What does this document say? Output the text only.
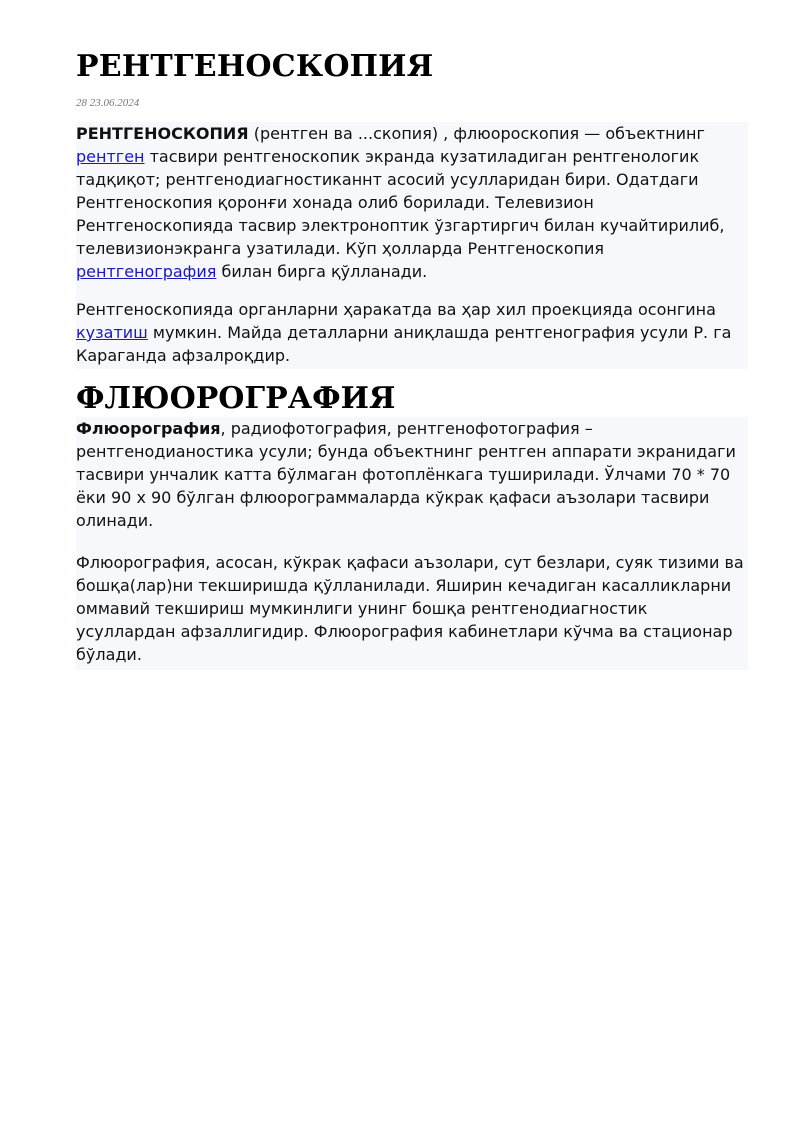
РЕНТГЕНОСКОПИЯ
28 23.06.2024

РЕНТГЕНОСКОПИЯ (рентген ва ...скопия) , флюороскопия — объектнинг рентген тасвири рентгеноскопик экранда кузатиладиган рентгенологик тадқиқот; рентгенодиагностиканнт асосий усулларидан бири. Одатдаги Рентгеноскопия қоронғи хонада олиб борилади. Телевизион Рентгеноскопияда тасвир электроноптик ўзгартиргич билан кучайтирилиб, телевизионэкранга узатилади. Кўп ҳолларда Рентгеноскопия рентгенография билан бирга қўлланади.

Рентгеноскопияда органларни ҳаракатда ва ҳар хил проекцияда осонгина кузатиш мумкин. Майда деталларни аниқлашда рентгенография усули Р. га Караганда афзалроқдир.

ФЛЮОРОГРАФИЯ

Флюорография, радиофотография, рентгенофотография – рентгенодианостика усули; бунда объектнинг рентген аппарати экранидаги тасвири унчалик катта бўлмаган фотоплёнкага туширилади. Ўлчами 70 * 70 ёки 90 х 90 бўлган флюорограммаларда кўкрак қафаси аъзолари тасвири олинади.

Флюорография, асосан, кўкрак қафаси аъзолари, сут безлари, суяк тизими ва бошқа(лар)ни текширишда қўлланилади. Яширин кечадиган касалликларни оммавий текшириш мумкинлиги унинг бошқа рентгенодиагностик усуллардан афзаллигидир. Флюорография кабинетлари кўчма ва стационар бўлади.
